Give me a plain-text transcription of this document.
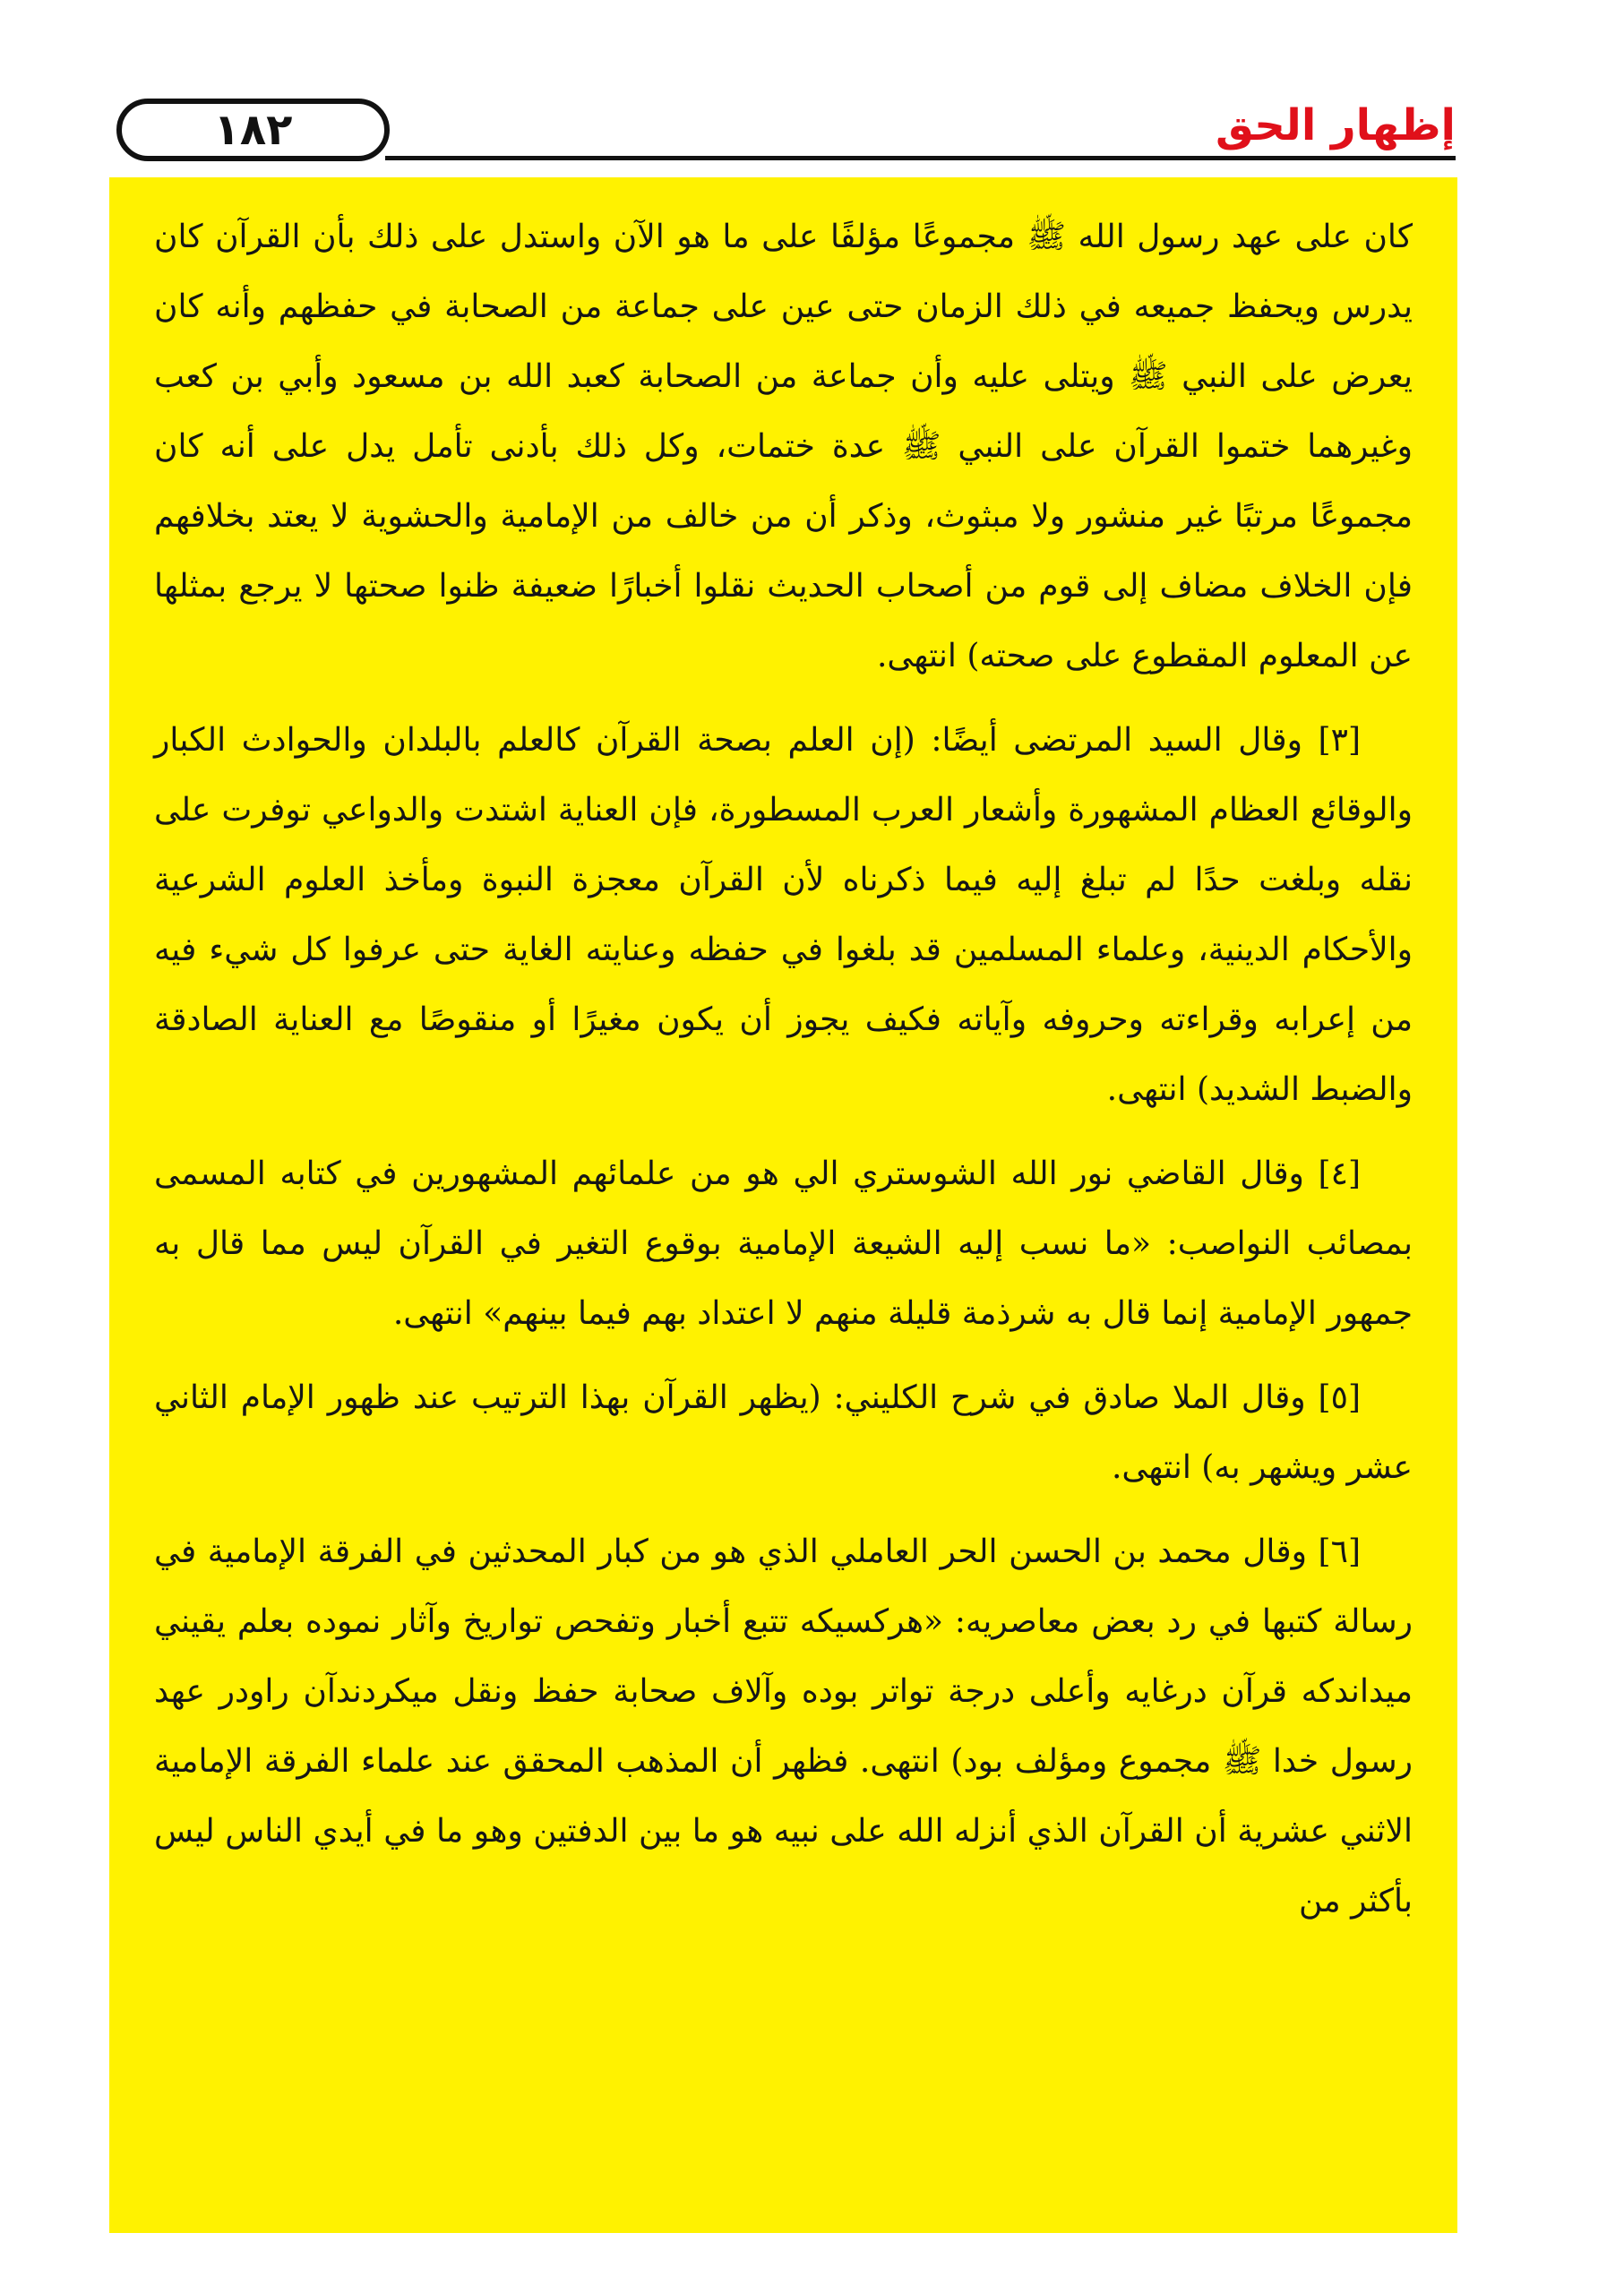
١٨٢	إظهار الحق

كان على عهد رسول الله ﷺ مجموعًا مؤلفًا على ما هو الآن واستدل على ذلك بأن القرآن كان يدرس ويحفظ جميعه في ذلك الزمان حتى عين على جماعة من الصحابة في حفظهم وأنه كان يعرض على النبي ﷺ ويتلى عليه وأن جماعة من الصحابة كعبد الله بن مسعود وأبي بن كعب وغيرهما ختموا القرآن على النبي ﷺ عدة ختمات، وكل ذلك بأدنى تأمل يدل على أنه كان مجموعًا مرتبًا غير منشور ولا مبثوث، وذكر أن من خالف من الإمامية والحشوية لا يعتد بخلافهم فإن الخلاف مضاف إلى قوم من أصحاب الحديث نقلوا أخبارًا ضعيفة ظنوا صحتها لا يرجع بمثلها عن المعلوم المقطوع على صحته) انتهى.

[٣] وقال السيد المرتضى أيضًا: (إن العلم بصحة القرآن كالعلم بالبلدان والحوادث الكبار والوقائع العظام المشهورة وأشعار العرب المسطورة، فإن العناية اشتدت والدواعي توفرت على نقله وبلغت حدًا لم تبلغ إليه فيما ذكرناه لأن القرآن معجزة النبوة ومأخذ العلوم الشرعية والأحكام الدينية، وعلماء المسلمين قد بلغوا في حفظه وعنايته الغاية حتى عرفوا كل شيء فيه من إعرابه وقراءته وحروفه وآياته فكيف يجوز أن يكون مغيرًا أو منقوصًا مع العناية الصادقة والضبط الشديد) انتهى.

[٤] وقال القاضي نور الله الشوستري الي هو من علمائهم المشهورين في كتابه المسمى بمصائب النواصب: «ما نسب إليه الشيعة الإمامية بوقوع التغير في القرآن ليس مما قال به جمهور الإمامية إنما قال به شرذمة قليلة منهم لا اعتداد بهم فيما بينهم» انتهى.

[٥] وقال الملا صادق في شرح الكليني: (يظهر القرآن بهذا الترتيب عند ظهور الإمام الثاني عشر ويشهر به) انتهى.

[٦] وقال محمد بن الحسن الحر العاملي الذي هو من كبار المحدثين في الفرقة الإمامية في رسالة كتبها في رد بعض معاصريه: «هركسيكه تتبع أخبار وتفحص تواريخ وآثار نموده بعلم يقيني ميداندكه قرآن درغايه وأعلى درجة تواتر بوده وآلاف صحابة حفظ ونقل ميكردندآن راودر عهد رسول خدا ﷺ مجموع ومؤلف بود) انتهى. فظهر أن المذهب المحقق عند علماء الفرقة الإمامية الاثني عشرية أن القرآن الذي أنزله الله على نبيه هو ما بين الدفتين وهو ما في أيدي الناس ليس بأكثر من
